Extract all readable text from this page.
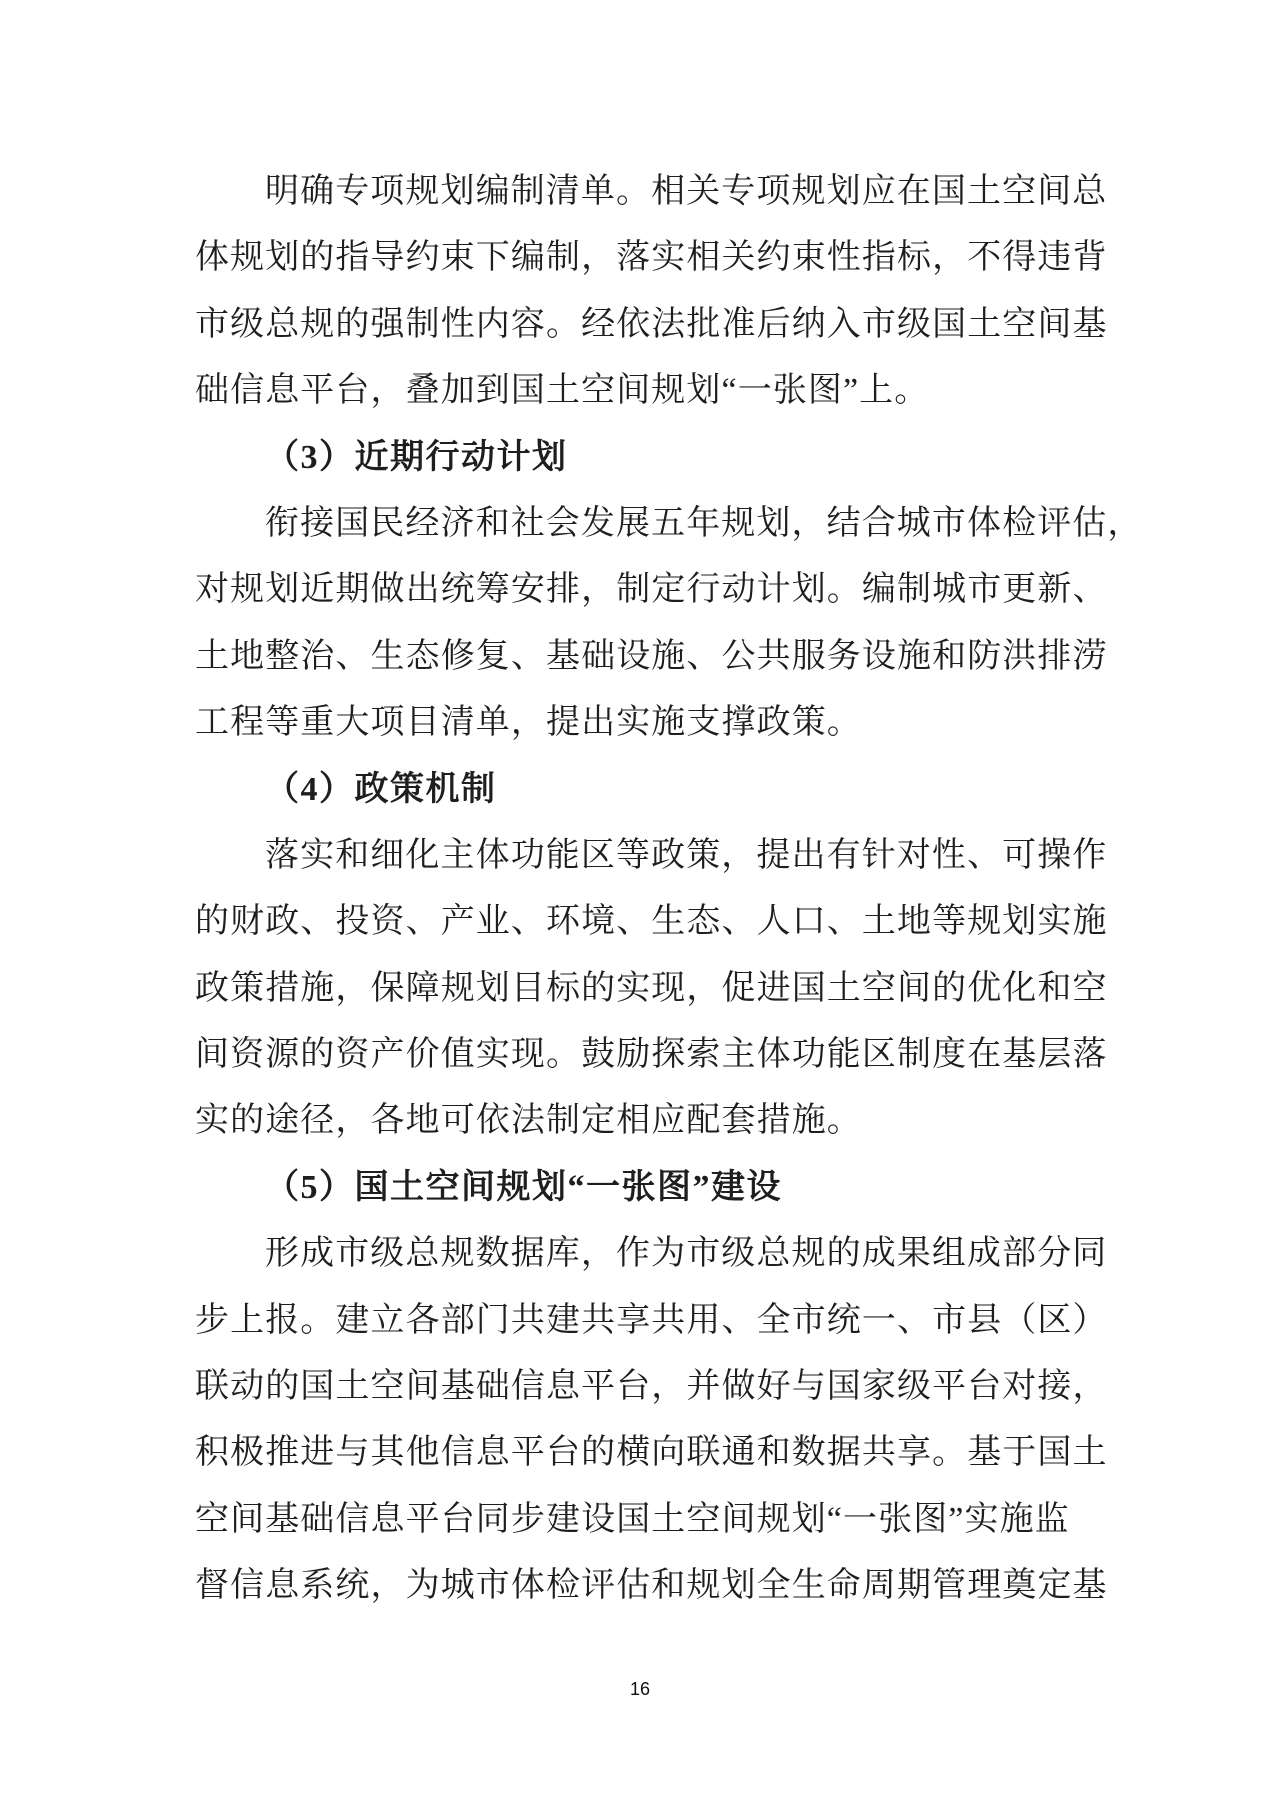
明确专项规划编制清单。相关专项规划应在国土空间总
体规划的指导约束下编制，落实相关约束性指标，不得违背
市级总规的强制性内容。经依法批准后纳入市级国土空间基
础信息平台，叠加到国土空间规划“一张图”上。
（3）近期行动计划
衔接国民经济和社会发展五年规划，结合城市体检评估，
对规划近期做出统筹安排，制定行动计划。编制城市更新、
土地整治、生态修复、基础设施、公共服务设施和防洪排涝
工程等重大项目清单，提出实施支撑政策。
（4）政策机制
落实和细化主体功能区等政策，提出有针对性、可操作
的财政、投资、产业、环境、生态、人口、土地等规划实施
政策措施，保障规划目标的实现，促进国土空间的优化和空
间资源的资产价值实现。鼓励探索主体功能区制度在基层落
实的途径，各地可依法制定相应配套措施。
（5）国土空间规划“一张图”建设
形成市级总规数据库，作为市级总规的成果组成部分同
步上报。建立各部门共建共享共用、全市统一、市县（区）
联动的国土空间基础信息平台，并做好与国家级平台对接，
积极推进与其他信息平台的横向联通和数据共享。基于国土
空间基础信息平台同步建设国土空间规划“一张图”实施监
督信息系统，为城市体检评估和规划全生命周期管理奠定基
16
